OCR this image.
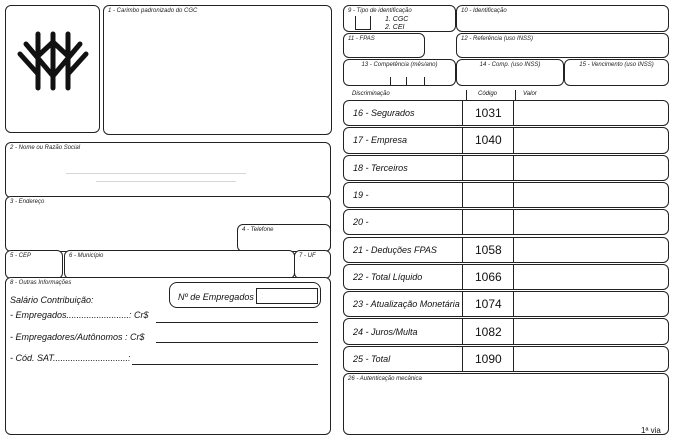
1 - Carimbo padronizado do CGC
2 - Nome ou Razão Social
3 - Endereço
4 - Telefone
5 - CEP	6 - Município	7 - UF
8 - Outras Informações
Salário Contribuição:	Nº de Empregados
- Empregados.........................: Cr$
- Empregadores/Autônomos : Cr$
- Cód. SAT..............................:
9 - Tipo de identificação
1. CGC
2. CEI
10 - Identificação
11 - FPAS	12 - Referência (uso INSS)
13 - Competência (mês/ano)	14 - Comp. (uso INSS)	15 - Vencimento (uso INSS)
Discriminação	Código	Valor
16 - Segurados	1031
17 - Empresa	1040
18 - Terceiros
19 -
20 -
21 - Deduções FPAS	1058
22 - Total Líquido	1066
23 - Atualização Monetária 1074
24 - Juros/Multa	1082
25 - Total	1090
26 - Autenticação mecânica
1ª via
